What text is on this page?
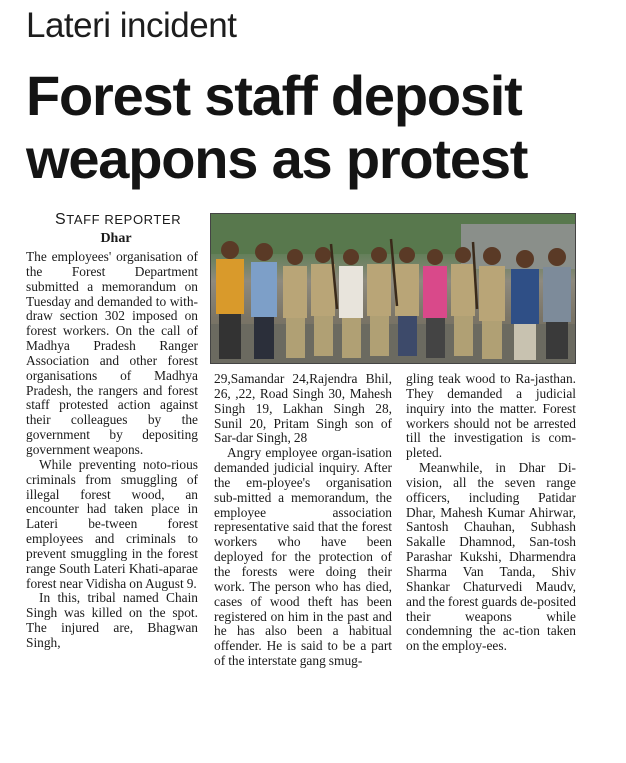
Lateri incident
Forest staff deposit
weapons as protest
STAFF REPORTER
Dhar

The employees' organisation of the Forest Department submitted a memorandum on Tuesday and demanded to with-draw section 302 imposed on forest workers. On the call of Madhya Pradesh Ranger Association and other forest organisations of Madhya Pradesh, the rangers and forest staff protested action against their colleagues by the government by depositing government weapons.

While preventing noto-rious criminals from smuggling of illegal forest wood, an encounter had taken place in Lateri be-tween forest employees and criminals to prevent smuggling in the forest range South Lateri Khati-aparae forest near Vidisha on August 9.

In this, tribal named Chain Singh was killed on the spot. The injured are, Bhagwan Singh,

29,Samandar 24,Rajendra Bhil, 26, ,22, Road Singh 30, Mahesh Singh 19, Lakhan Singh 28, Sunil 20, Pritam Singh son of Sar-dar Singh, 28

Angry employee organ-isation demanded judicial inquiry. After the em-ployee's organisation sub-mitted a memorandum, the employee association representative said that the forest workers who have been deployed for the protection of the forests were doing their work. The person who has died, cases of wood theft has been registered on him in the past and he has also been a habitual offender. He is said to be a part of the interstate gang smug-

gling teak wood to Ra-jasthan. They demanded a judicial inquiry into the matter. Forest workers should not be arrested till the investigation is com-pleted.

Meanwhile, in Dhar Di-vision, all the seven range officers, including Patidar Dhar, Mahesh Kumar Ahirwar, Santosh Chauhan, Subhash Sakalle Dhamnod, San-tosh Parashar Kukshi, Dharmendra Sharma Van Tanda, Shiv Shankar Chaturvedi Maudv, and the forest guards de-posited their weapons while condemning the ac-tion taken on the employ-ees.
